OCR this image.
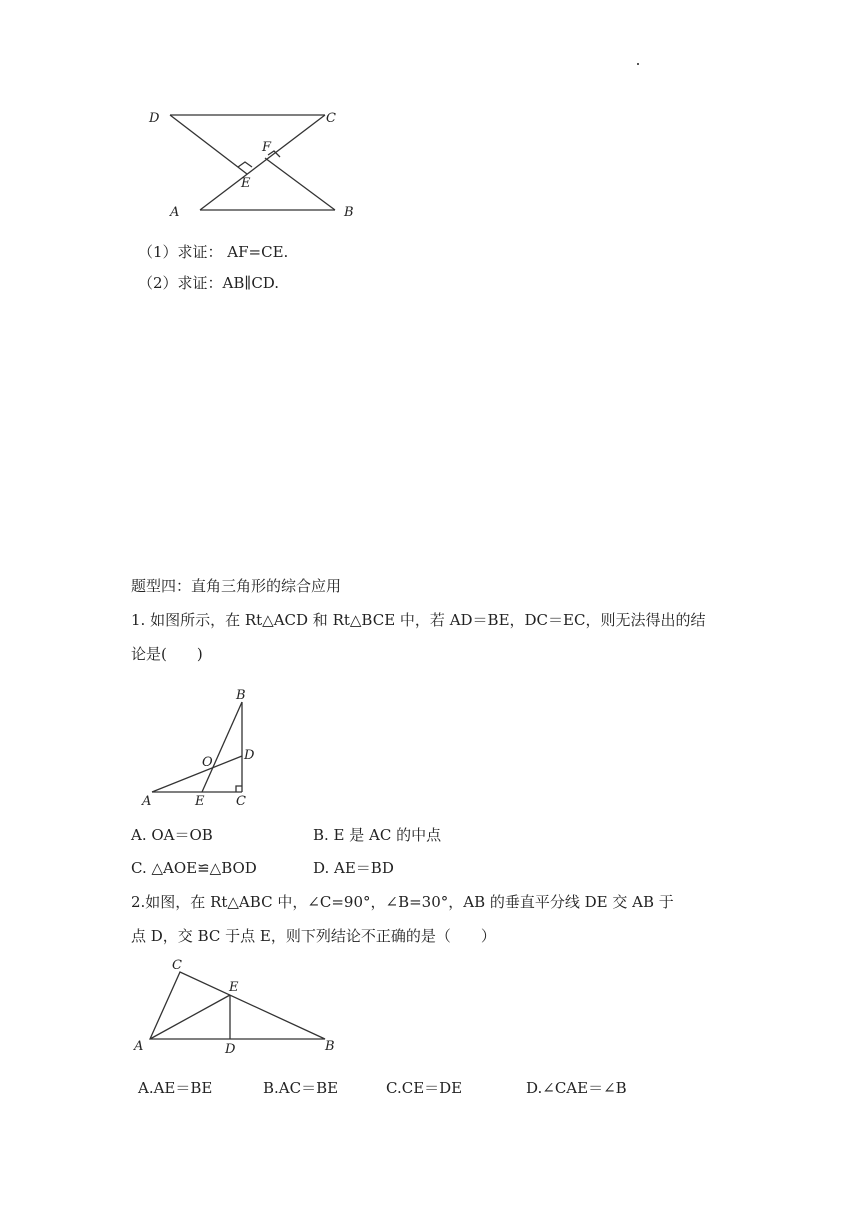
D	C
F
E
A	B
（1）求证： AF=CE.
（2）求证：AB∥CD.
题型四：直角三角形的综合应用
1. 如图所示，在 Rt△ACD 和 Rt△BCE 中，若 AD＝BE，DC＝EC，则无法得出的结
论是(　　)
B
D
O
A	E C
A. OA＝OB	B. E 是 AC 的中点
C. △AOE≌△BOD	D. AE＝BD
2.如图，在 Rt△ABC 中，∠C=90°，∠B=30°，AB 的垂直平分线 DE 交 AB 于
点 D，交 BC 于点 E，则下列结论不正确的是（　　）
C
E
A	D	B
A.AE＝BE	B.AC＝BE	C.CE＝DE	D.∠CAE＝∠B
